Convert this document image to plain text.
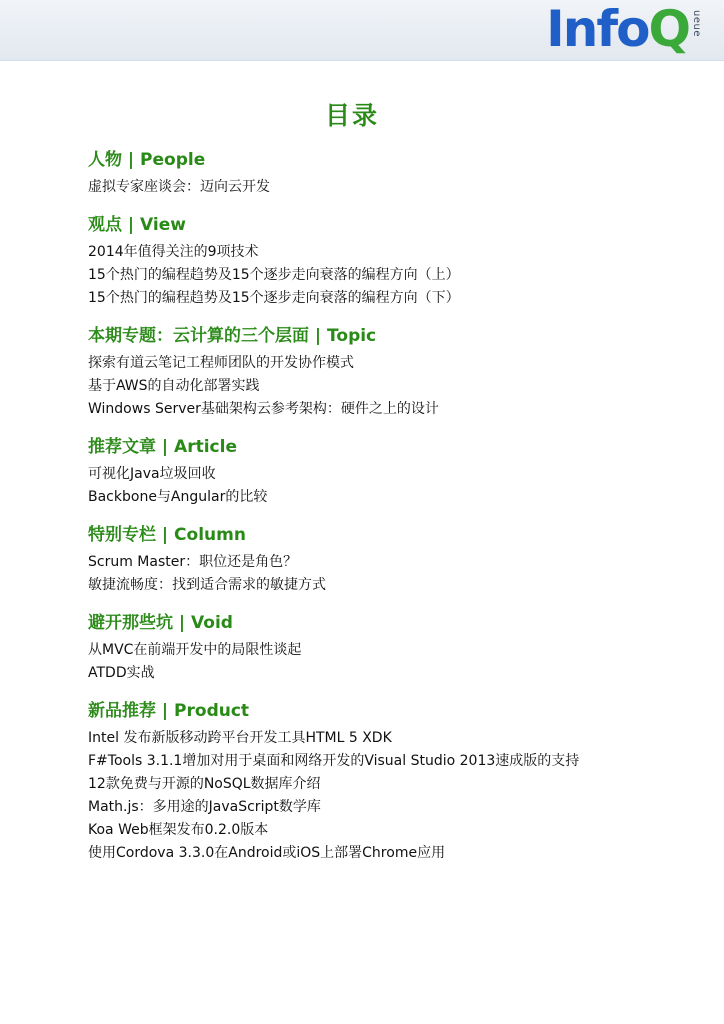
InfoQ ueue
目录
人物 | People
虚拟专家座谈会：迈向云开发
观点 | View
2014年值得关注的9项技术
15个热门的编程趋势及15个逐步走向衰落的编程方向（上）
15个热门的编程趋势及15个逐步走向衰落的编程方向（下）
本期专题：云计算的三个层面 | Topic
探索有道云笔记工程师团队的开发协作模式
基于AWS的自动化部署实践
Windows Server基础架构云参考架构：硬件之上的设计
推荐文章 | Article
可视化Java垃圾回收
Backbone与Angular的比较
特别专栏 | Column
Scrum Master：职位还是角色？
敏捷流畅度：找到适合需求的敏捷方式
避开那些坑 | Void
从MVC在前端开发中的局限性谈起
ATDD实战
新品推荐 | Product
Intel 发布新版移动跨平台开发工具HTML 5 XDK
F#Tools 3.1.1增加对用于桌面和网络开发的Visual Studio 2013速成版的支持
12款免费与开源的NoSQL数据库介绍
Math.js：多用途的JavaScript数学库
Koa Web框架发布0.2.0版本
使用Cordova 3.3.0在Android或iOS上部署Chrome应用
